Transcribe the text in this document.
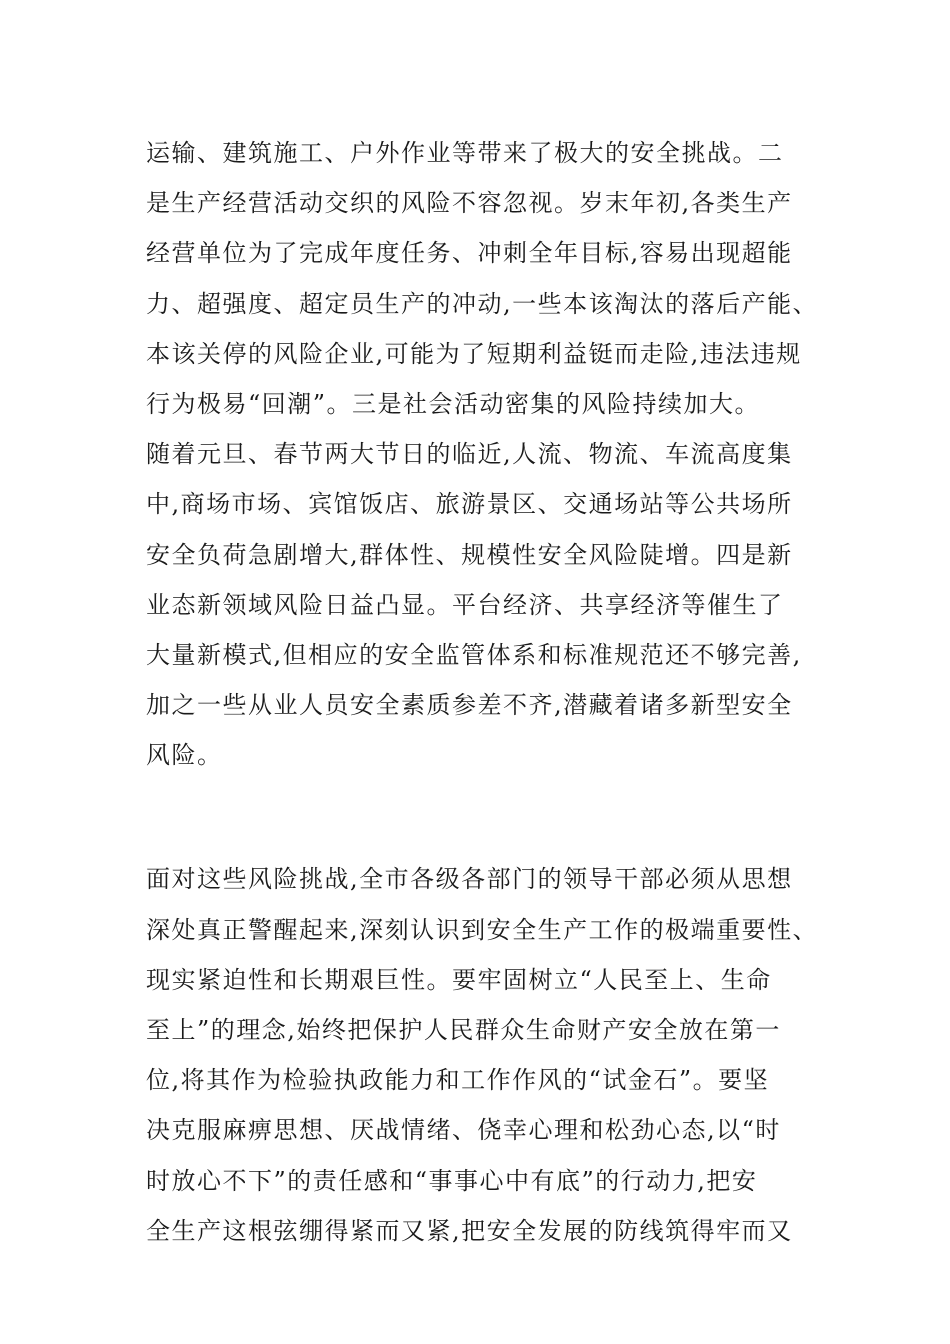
运输、建筑施工、户外作业等带来了极大的安全挑战。二
是生产经营活动交织的风险不容忽视。岁末年初,各类生产
经营单位为了完成年度任务、冲刺全年目标,容易出现超能
力、超强度、超定员生产的冲动,一些本该淘汰的落后产能、
本该关停的风险企业,可能为了短期利益铤而走险,违法违规
行为极易“回潮”。三是社会活动密集的风险持续加大。
随着元旦、春节两大节日的临近,人流、物流、车流高度集
中,商场市场、宾馆饭店、旅游景区、交通场站等公共场所
安全负荷急剧增大,群体性、规模性安全风险陡增。四是新
业态新领域风险日益凸显。平台经济、共享经济等催生了
大量新模式,但相应的安全监管体系和标准规范还不够完善,
加之一些从业人员安全素质参差不齐,潜藏着诸多新型安全
风险。
面对这些风险挑战,全市各级各部门的领导干部必须从思想
深处真正警醒起来,深刻认识到安全生产工作的极端重要性、
现实紧迫性和长期艰巨性。要牢固树立“人民至上、生命
至上”的理念,始终把保护人民群众生命财产安全放在第一
位,将其作为检验执政能力和工作作风的“试金石”。要坚
决克服麻痹思想、厌战情绪、侥幸心理和松劲心态,以“时
时放心不下”的责任感和“事事心中有底”的行动力,把安
全生产这根弦绷得紧而又紧,把安全发展的防线筑得牢而又
